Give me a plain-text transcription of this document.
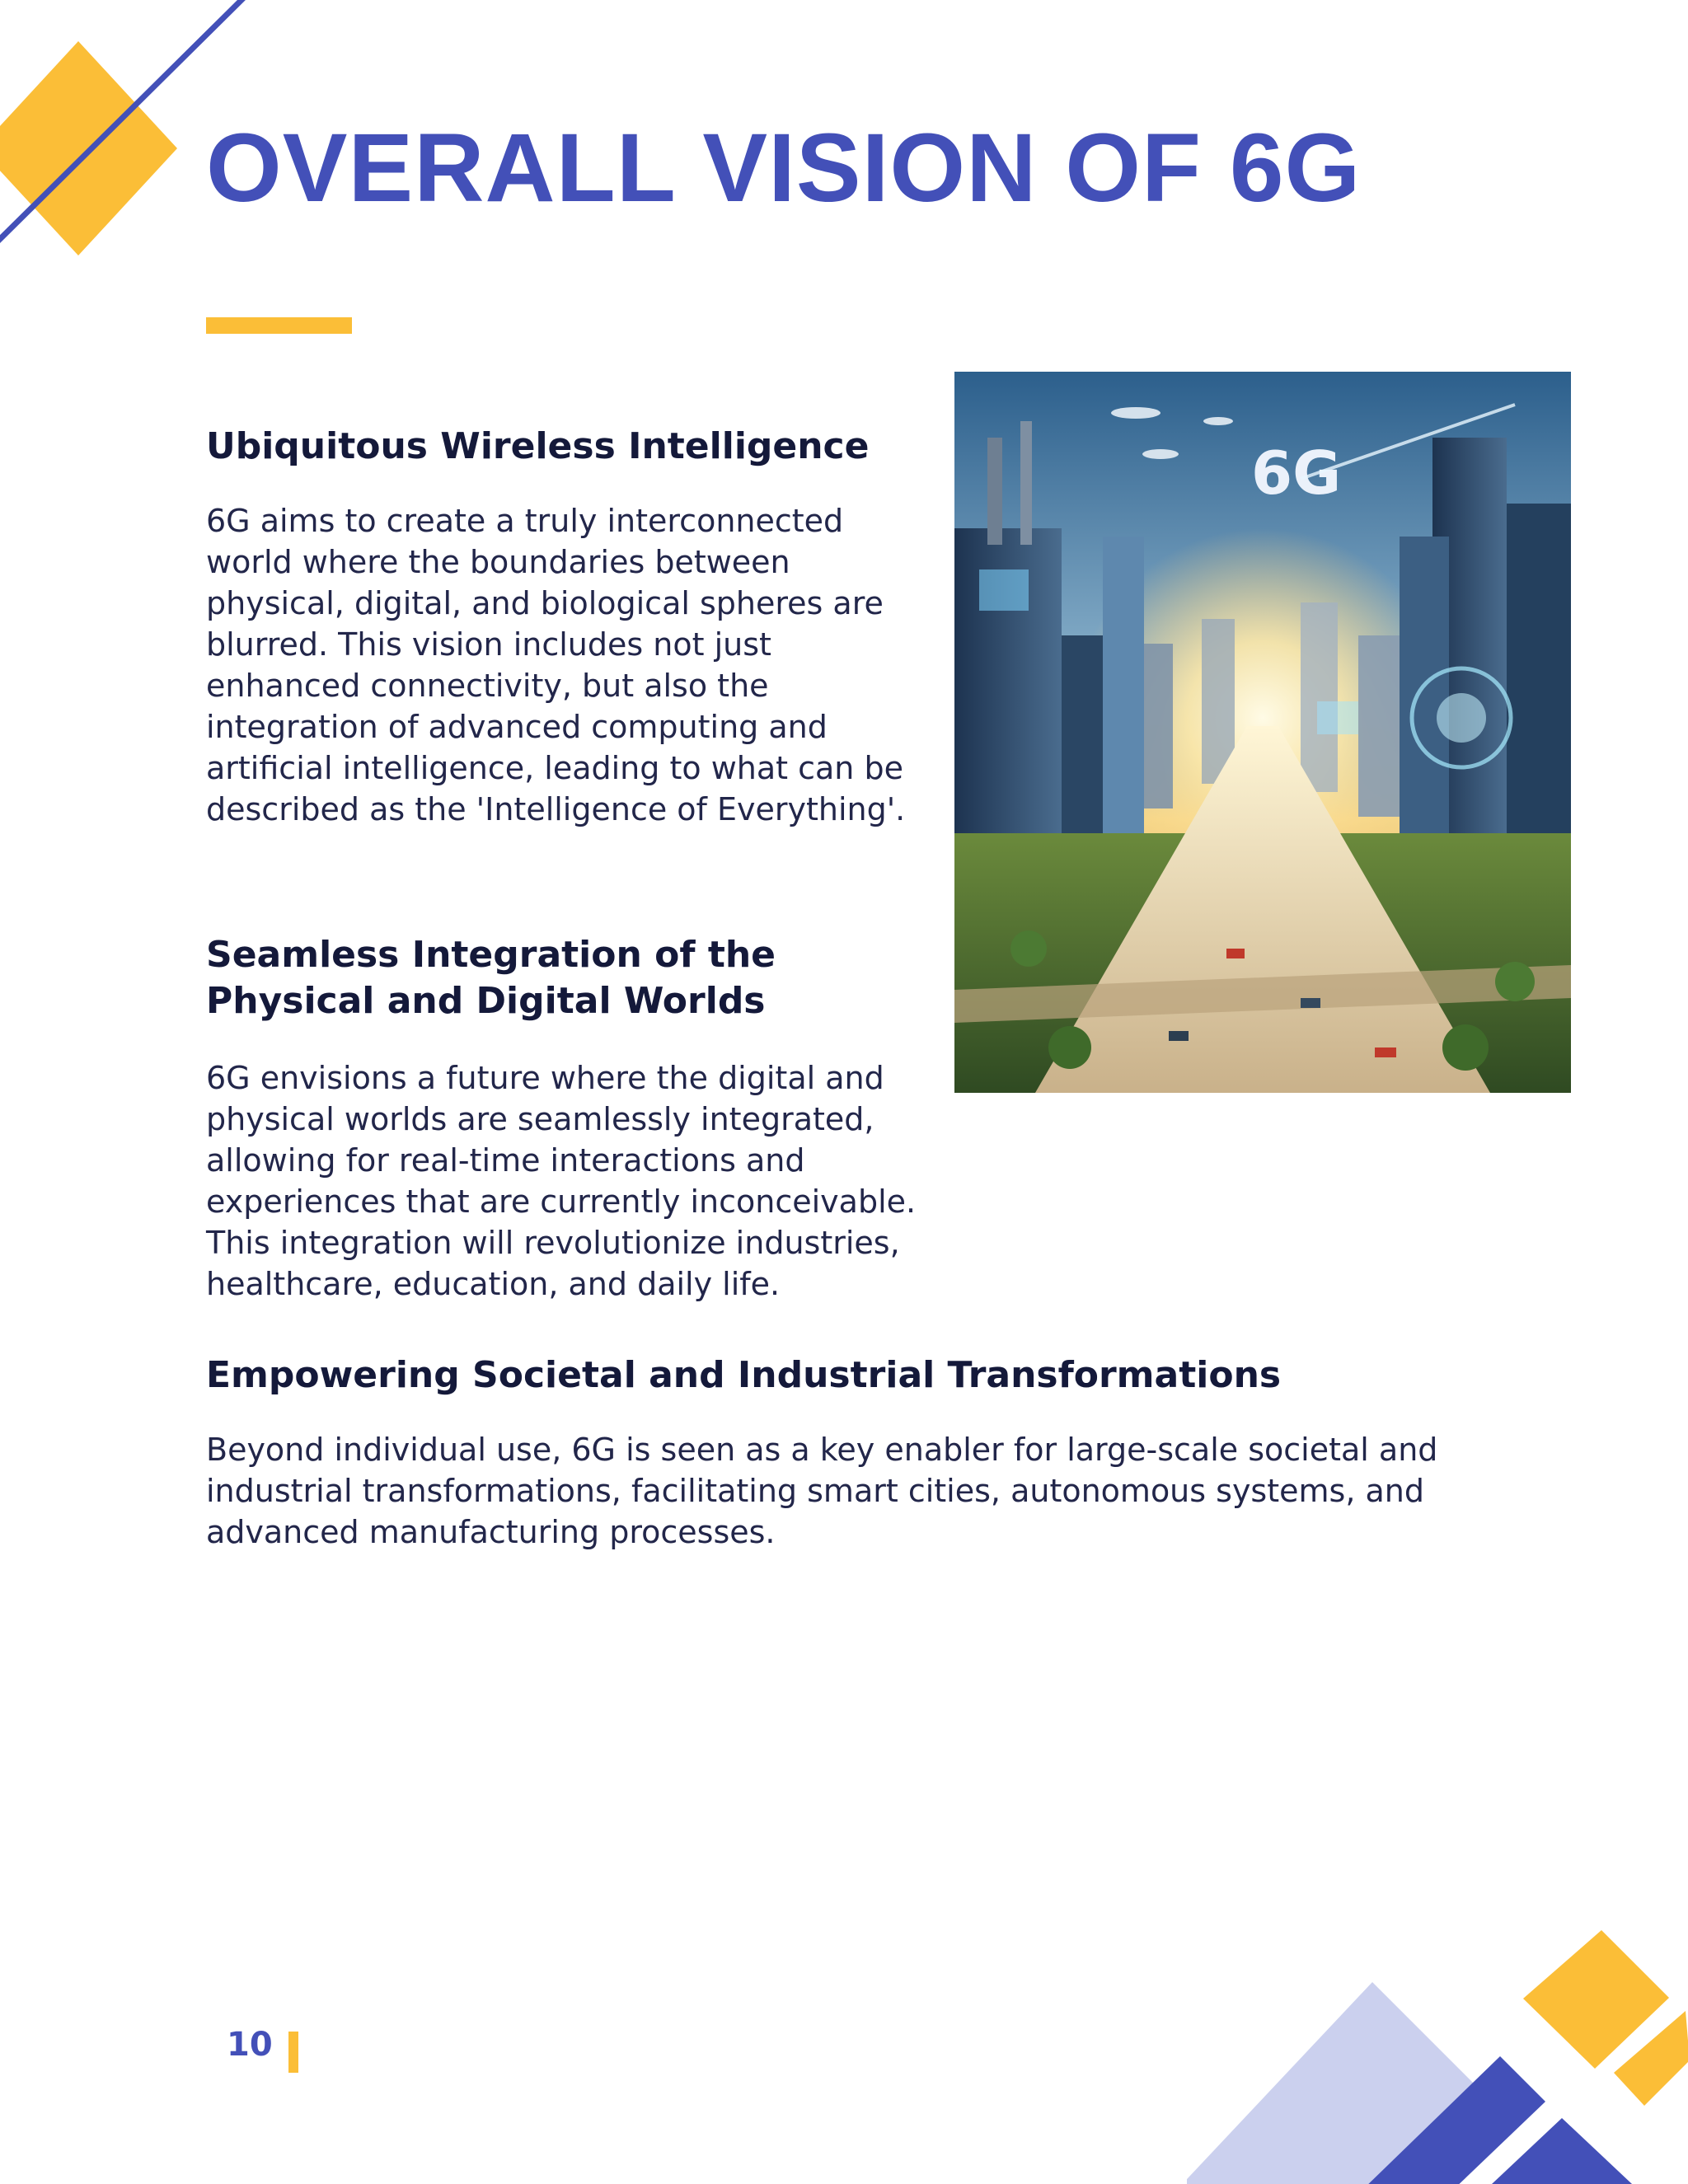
OVERALL VISION OF 6G
Ubiquitous Wireless Intelligence

6G aims to create a truly interconnected world where the boundaries between physical, digital, and biological spheres are blurred. This vision includes not just enhanced connectivity, but also the integration of advanced computing and artificial intelligence, leading to what can be described as the 'Intelligence of Everything'.

Seamless Integration of the Physical and Digital Worlds

6G envisions a future where the digital and physical worlds are seamlessly integrated, allowing for real-time interactions and experiences that are currently inconceivable. This integration will revolutionize industries, healthcare, education, and daily life.

Empowering Societal and Industrial Transformations

Beyond individual use, 6G is seen as a key enabler for large-scale societal and industrial transformations, facilitating smart cities, autonomous systems, and advanced manufacturing processes.

6G
10
